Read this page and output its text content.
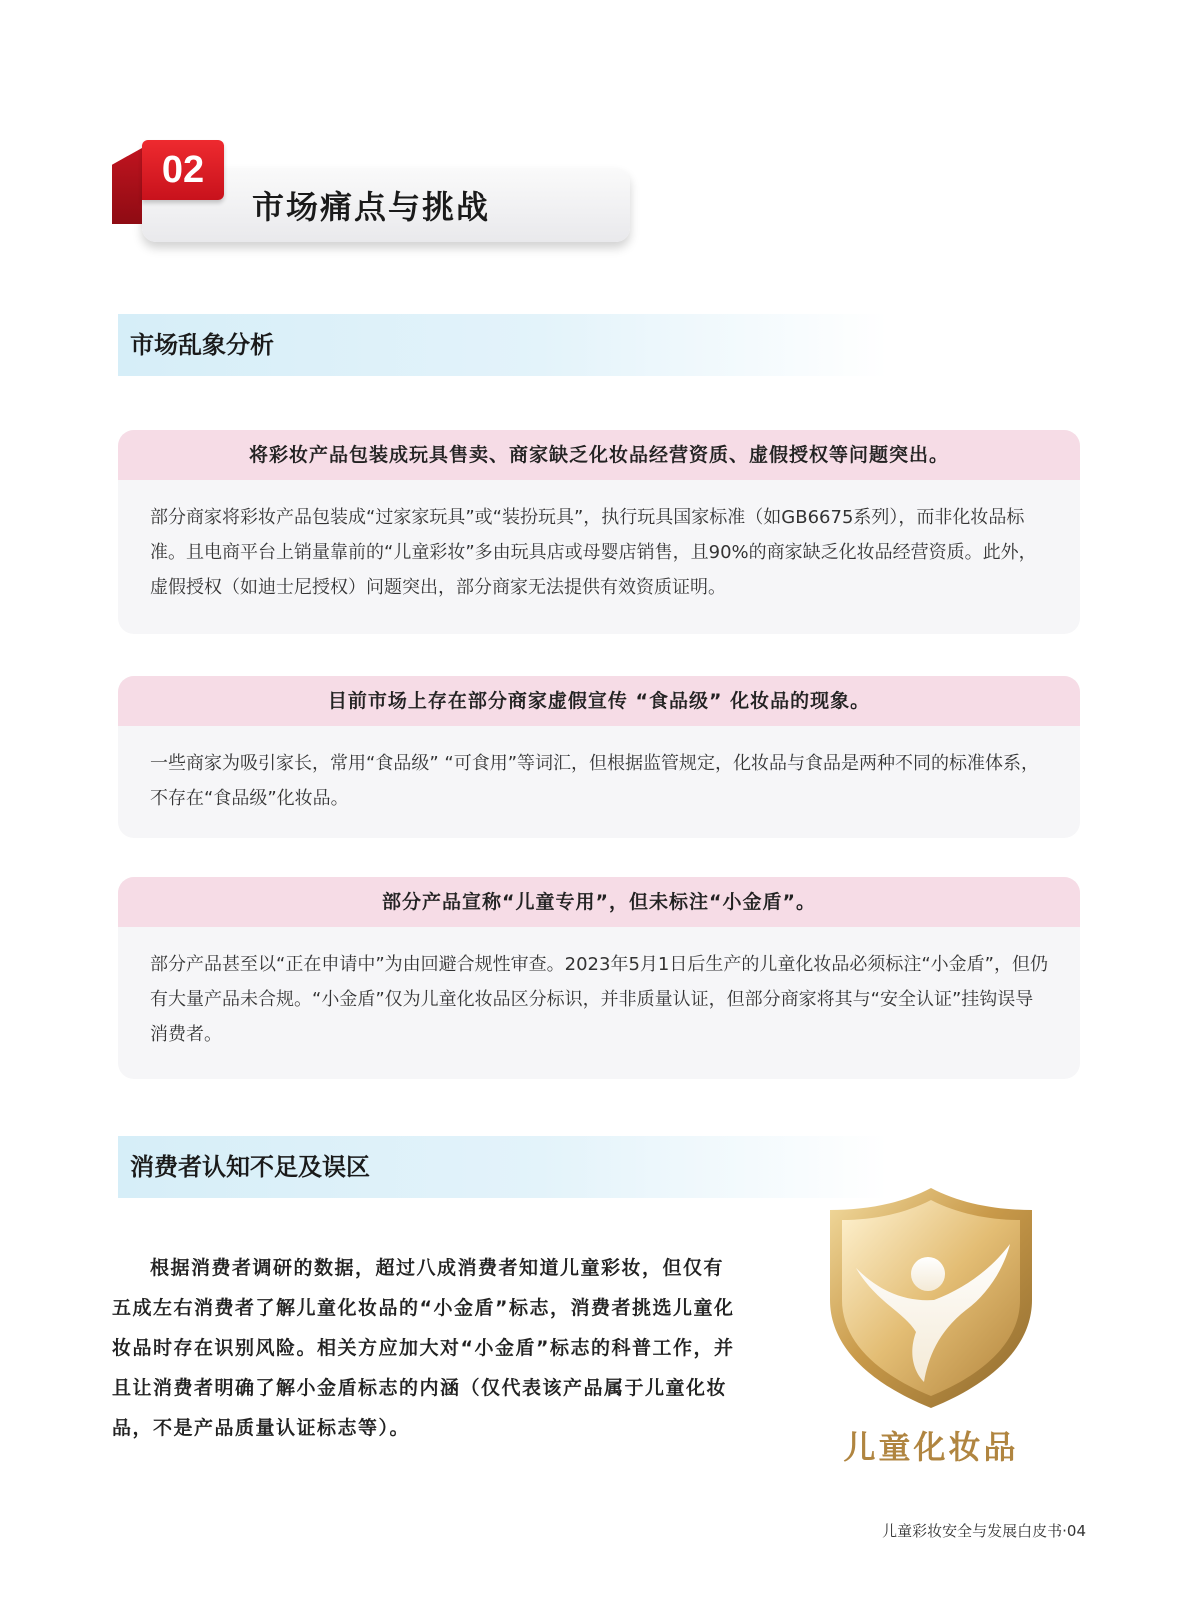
02
市场痛点与挑战
市场乱象分析
将彩妆产品包装成玩具售卖、商家缺乏化妆品经营资质、虚假授权等问题突出。
部分商家将彩妆产品包装成“过家家玩具”或“装扮玩具”，执行玩具国家标准（如GB6675系列），而非化妆品标准。且电商平台上销量靠前的“儿童彩妆”多由玩具店或母婴店销售，且90%的商家缺乏化妆品经营资质。此外，虚假授权（如迪士尼授权）问题突出，部分商家无法提供有效资质证明。
目前市场上存在部分商家虚假宣传 “食品级” 化妆品的现象。
一些商家为吸引家长，常用“食品级” “可食用”等词汇，但根据监管规定，化妆品与食品是两种不同的标准体系，不存在“食品级”化妆品。
部分产品宣称“儿童专用”，但未标注“小金盾”。
部分产品甚至以“正在申请中”为由回避合规性审查。2023年5月1日后生产的儿童化妆品必须标注“小金盾”，但仍有大量产品未合规。“小金盾”仅为儿童化妆品区分标识，并非质量认证，但部分商家将其与“安全认证”挂钩误导消费者。
消费者认知不足及误区
根据消费者调研的数据，超过八成消费者知道儿童彩妆，但仅有五成左右消费者了解儿童化妆品的“小金盾”标志，消费者挑选儿童化妆品时存在识别风险。相关方应加大对“小金盾”标志的科普工作，并且让消费者明确了解小金盾标志的内涵（仅代表该产品属于儿童化妆品，不是产品质量认证标志等）。	儿童化妆品
儿童彩妆安全与发展白皮书·04
